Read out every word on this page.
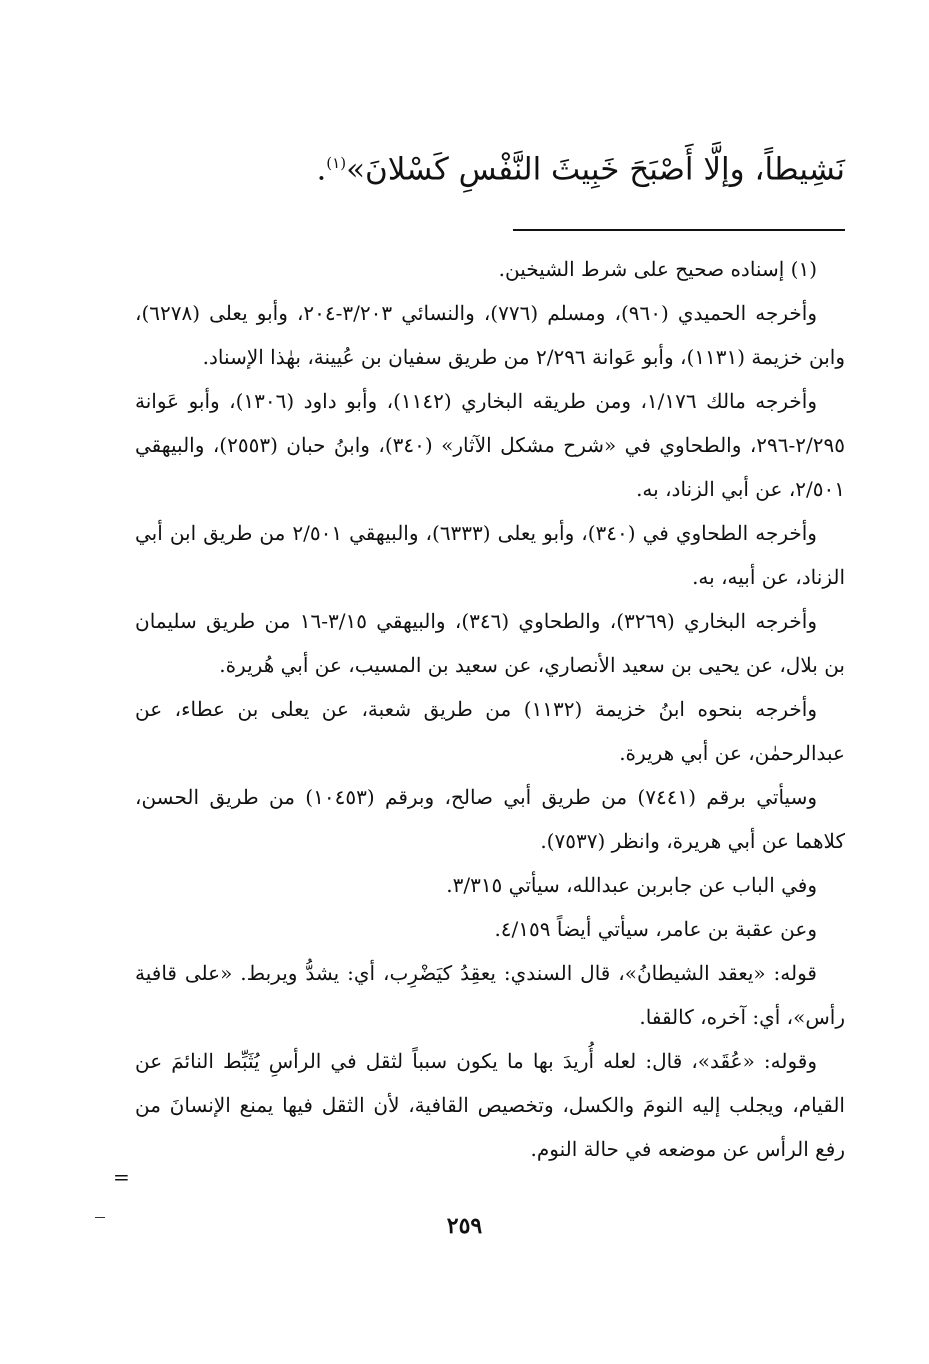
نَشِيطاً، وإلَّا أَصْبَحَ خَبِيثَ النَّفْسِ كَسْلانَ»$^{(١)}$.

(١) إسناده صحيح على شرط الشيخين.

وأخرجه الحميدي (٩٦٠)، ومسلم (٧٧٦)، والنسائي ٣/٢٠٣-٢٠٤، وأبو يعلى (٦٢٧٨)، وابن خزيمة (١١٣١)، وأبو عَوانة ٢/٢٩٦ من طريق سفيان بن عُيينة، بهٰذا الإسناد.

وأخرجه مالك ١/١٧٦، ومن طريقه البخاري (١١٤٢)، وأبو داود (١٣٠٦)، وأبو عَوانة ٢/٢٩٥-٢٩٦، والطحاوي في «شرح مشكل الآثار» (٣٤٠)، وابنُ حبان (٢٥٥٣)، والبيهقي ٢/٥٠١، عن أبي الزناد، به.

وأخرجه الطحاوي في (٣٤٠)، وأبو يعلى (٦٣٣٣)، والبيهقي ٢/٥٠١ من طريق ابن أبي الزناد، عن أبيه، به.

وأخرجه البخاري (٣٢٦٩)، والطحاوي (٣٤٦)، والبيهقي ٣/١٥-١٦ من طريق سليمان بن بلال، عن يحيى بن سعيد الأنصاري، عن سعيد بن المسيب، عن أبي هُريرة.

وأخرجه بنحوه ابنُ خزيمة (١١٣٢) من طريق شعبة، عن يعلى بن عطاء، عن عبدالرحمٰن، عن أبي هريرة.

وسيأتي برقم (٧٤٤١) من طريق أبي صالح، وبرقم (١٠٤٥٣) من طريق الحسن، كلاهما عن أبي هريرة، وانظر (٧٥٣٧).

وفي الباب عن جابربن عبدالله، سيأتي ٣/٣١٥.

وعن عقبة بن عامر، سيأتي أيضاً ٤/١٥٩.

قوله: «يعقد الشيطانُ»، قال السندي: يعقِدُ كيَضْرِب، أي: يشدُّ ويربط. «على قافية رأس»، أي: آخره، كالقفا.

وقوله: «عُقَد»، قال: لعله أُريدَ بها ما يكون سبباً لثقل في الرأسِ يُثَبِّط النائمَ عن القيام، ويجلب إليه النومَ والكسل، وتخصيص القافية، لأن الثقل فيها يمنع الإنسانَ من رفع الرأس عن موضعه في حالة النوم.

=
٢٥٩
